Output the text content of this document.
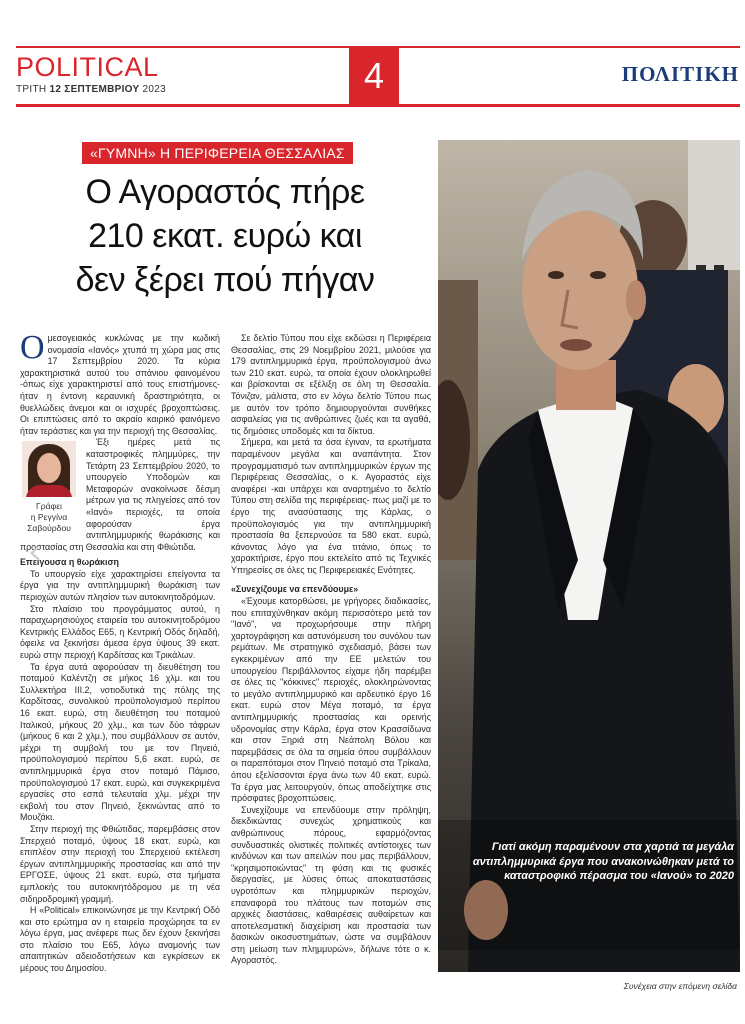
POLITICAL
ΤΡΙΤΗ 12 ΣΕΠΤΕΜΒΡΙΟΥ 2023	4	ΠΟΛΙΤΙΚΗ
«ΓΥΜΝΗ» Η ΠΕΡΙΦΕΡΕΙΑ ΘΕΣΣΑΛΙΑΣ
Ο Αγοραστός πήρε
210 εκατ. ευρώ και
δεν ξέρει πού πήγαν

Ομεσογειακός κυκλώνας με την κωδική ονομασία «Ιανός» χτυπά τη χώρα μας στις 17 Σεπτεμβρίου 2020. Τα κύρια χαρακτηριστικά αυτού του σπάνιου φαινομένου -όπως είχε χαρακτηριστεί από τους επιστήμονες- ήταν η έντονη κεραυνική δραστηριότητα, οι θυελλώδεις άνεμοι και οι ισχυρές βροχοπτώσεις. Οι επιπτώσεις από το ακραίο καιρικό φαινόμενο ήταν τεράστιες και για την περιοχή της Θεσσαλίας.

Γράφει
η Ρεγγίνα
Σαβούρδου

Έξι ημέρες μετά τις καταστροφικές πλημμύρες, την Τετάρτη 23 Σεπτεμβρίου 2020, το υπουργείο Υποδομών και Μεταφορών ανακοίνωσε δέσμη μέτρων για τις πληγείσες από τον «Ιανό» περιοχές, τα οποία αφορούσαν έργα αντιπλημμυρικής θωράκισης και προστασίας στη Θεσσαλία και στη Φθιώτιδα.

Επείγουσα η θωράκιση

Το υπουργείο είχε χαρακτηρίσει επείγοντα τα έργα για την αντιπλημμυρική θωράκιση των περιοχών αυτών πλησίον των αυτοκινητοδρόμων.

Στο πλαίσιο του προγράμματος αυτού, η παραχωρησιούχος εταιρεία του αυτοκινητοδρόμου Κεντρικής Ελλάδος Ε65, η Κεντρική Οδός δηλαδή, όφειλε να ξεκινήσει άμεσα έργα ύψους 39 εκατ. ευρώ στην περιοχή Καρδίτσας και Τρικάλων.

Τα έργα αυτά αφορούσαν τη διευθέτηση του ποταμού Καλέντζη σε μήκος 16 χλμ. και του Συλλεκτήρα ΙΙΙ.2, νοτιοδυτικά της πόλης της Καρδίτσας, συνολικού προϋπολογισμού περίπου 16 εκατ. ευρώ, στη διευθέτηση του ποταμού Ιταλικού, μήκους 20 χλμ., και των δύο τάφρων (μήκους 6 και 2 χλμ.), που συμβάλλουν σε αυτόν, μέχρι τη συμβολή του με τον Πηνειό, προϋπολογισμού περίπου 5,6 εκατ. ευρώ, σε αντιπλημμυρικά έργα στον ποταμό Πάμισο, προϋπολογισμού 17 εκατ. ευρώ, και συγκεκριμένα εργασίες στο εσπά τελευταία χλμ. μέχρι την εκβολή του στον Πηνειό, ξεκινώντας από το Μουζάκι.

Στην περιοχή της Φθιώτιδας, παρεμβάσεις στον Σπερχειό ποταμό, ύψους 18 εκατ. ευρώ, και επιπλέον στην περιοχή του Σπερχειού εκτέλεση έργων αντιπλημμυρικής προστασίας και από την ΕΡΓΟΣΕ, ύψους 21 εκατ. ευρώ, στα τμήματα εμπλοκής του αυτοκινητόδρομου με τη νέα σιδηροδρομική γραμμή.

Η «Political» επικοινώνησε με την Κεντρική Οδό και στο ερώτημα αν η εταιρεία προχώρησε τα εν λόγω έργα, μας ανέφερε πως δεν έχουν ξεκινήσει στο πλαίσιο του Ε65, λόγω αναμονής των απαιτητικών αδειοδοτήσεων και εγκρίσεων εκ μέρους του Δημοσίου.

Σε δελτίο Τύπου που είχε εκδώσει η Περιφέρεια Θεσσαλίας, στις 29 Νοεμβρίου 2021, μιλούσε για 179 αντιπλημμυρικά έργα, προϋπολογισμού άνω των 210 εκατ. ευρώ, τα οποία έχουν ολοκληρωθεί και βρίσκονται σε εξέλιξη σε όλη τη Θεσσαλία. Τόνιζαν, μάλιστα, στο εν λόγω δελτίο Τύπου πως με αυτόν τον τρόπο δημιουργούνται συνθήκες ασφαλείας για τις ανθρώπινες ζωές και τα αγαθά, τις δημόσιες υποδομές και τα δίκτυα.

Σήμερα, και μετά τα όσα έγιναν, τα ερωτήματα παραμένουν μεγάλα και αναπάντητα. Στον προγραμματισμό των αντιπλημμυρικών έργων της Περιφέρειας Θεσσαλίας, ο κ. Αγοραστός είχε αναφέρει -και υπάρχει και αναρτημένο το δελτίο Τύπου στη σελίδα της περιφέρειας- πως μαζί με το έργο της ανασύστασης της Κάρλας, ο προϋπολογισμός για την αντιπλημμυρική προστασία θα ξεπερνούσε τα 580 εκατ. ευρώ, κάνοντας λόγο για ένα τιτάνιο, όπως το χαρακτήρισε, έργο που εκτελείτο από τις Τεχνικές Υπηρεσίες σε όλες τις Περιφερειακές Ενότητες.

«Συνεχίζουμε να επενδύουμε»

«Έχουμε κατορθώσει, με γρήγορες διαδικασίες, που επιταχύνθηκαν ακόμη περισσότερο μετά τον "Ιανό", να προχωρήσουμε στην πλήρη χαρτογράφηση και αστυνόμευση του συνόλου των ρεμάτων. Με στρατηγικό σχεδιασμό, βάσει των εγκεκριμένων από την ΕΕ μελετών του υπουργείου Περιβάλλοντος είχαμε ήδη παρέμβει σε όλες τις "κόκκινες" περιοχές, ολοκληρώνοντας το μεγάλο αντιπλημμυρικό και αρδευτικό έργο 16 εκατ. ευρώ στον Μέγα ποταμό, τα έργα αντιπλημμυρικής προστασίας και ορεινής υδρονομίας στην Κάρλα, έργα στον Κρασσίδωνα και στον Ξηριά στη Νεάπολη Βόλου και παρεμβάσεις σε όλα τα σημεία όπου συμβάλλουν οι παραπόταμοι στον Πηνειό ποταμό στα Τρίκαλα, όπου εξελίσσονται έργα άνω των 40 εκατ. ευρώ. Τα έργα μας λειτουργούν, όπως αποδείχτηκε στις πρόσφατες βροχοπτώσεις.

Συνεχίζουμε να επενδύουμε στην πρόληψη, διεκδικώντας συνεχώς χρηματικούς και ανθρώπινους πόρους, εφαρμόζοντας συνδυαστικές ολιστικές πολιτικές αντίστοιχες των κινδύνων και των απειλών που μας περιβάλλουν, "κρησιμοποιώντας" τη φύση και τις φυσικές διεργασίες, με λύσεις όπως αποκαταστάσεις υγροτόπων και πλημμυρικών περιοχών, επαναφορά του πλάτους των ποταμών στις αρχικές διαστάσεις, καθαιρέσεις αυθαίρετων και αποτελεσματική διαχείριση και προστασία των δασικών οικοσυστημάτων, ώστε να συμβάλουν στη μείωση των πλημμυρών», δήλωνε τότε ο κ. Αγοραστός.

Γιατί ακόμη παραμένουν στα χαρτιά τα μεγάλα αντιπλημμυρικά έργα που ανακοινώθηκαν μετά το καταστροφικό πέρασμα του «Ιανού» το 2020
Συνέχεια στην επόμενη σελίδα
‹
